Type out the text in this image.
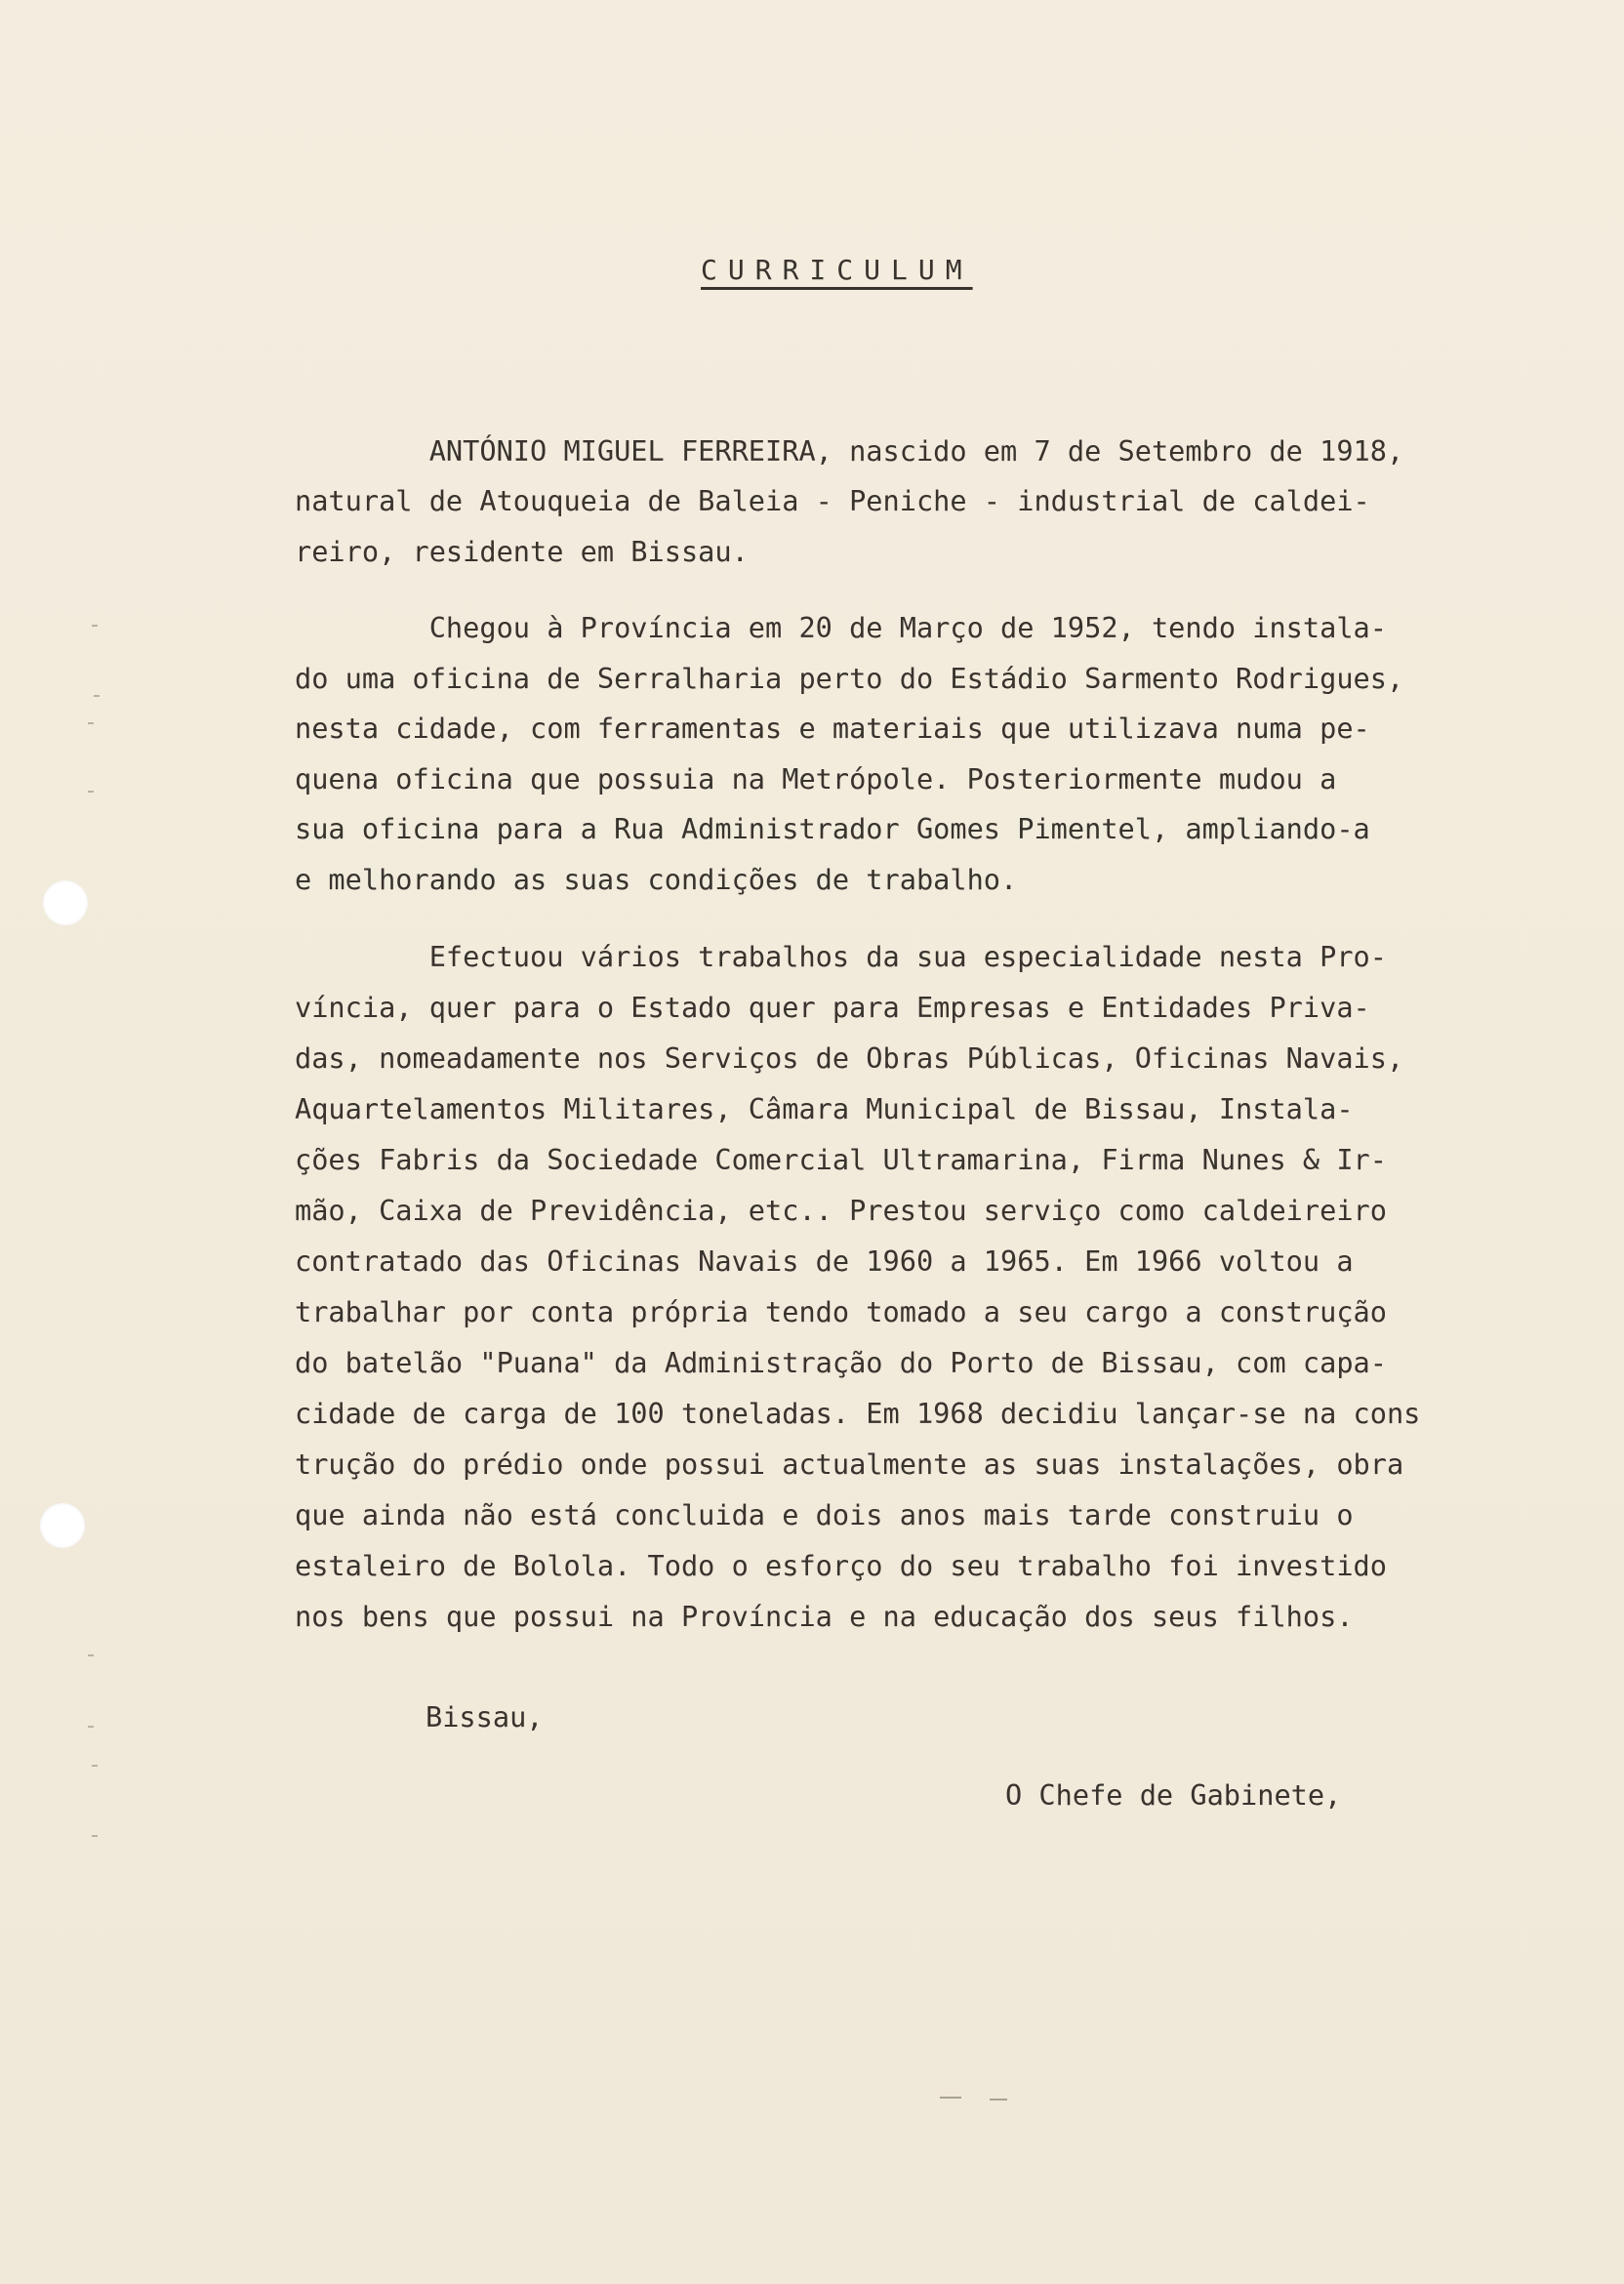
CURRICULUM
ANTÓNIO MIGUEL FERREIRA, nascido em 7 de Setembro de 1918,
natural de Atouqueia de Baleia - Peniche - industrial de caldei-
reiro, residente em Bissau.
Chegou à Província em 20 de Março de 1952, tendo instala-
do uma oficina de Serralharia perto do Estádio Sarmento Rodrigues,
nesta cidade, com ferramentas e materiais que utilizava numa pe-
quena oficina que possuia na Metrópole. Posteriormente mudou a
sua oficina para a Rua Administrador Gomes Pimentel, ampliando-a
e melhorando as suas condições de trabalho.
Efectuou vários trabalhos da sua especialidade nesta Pro-
víncia, quer para o Estado quer para Empresas e Entidades Priva-
das, nomeadamente nos Serviços de Obras Públicas, Oficinas Navais,
Aquartelamentos Militares, Câmara Municipal de Bissau, Instala-
ções Fabris da Sociedade Comercial Ultramarina, Firma Nunes & Ir-
mão, Caixa de Previdência, etc.. Prestou serviço como caldeireiro
contratado das Oficinas Navais de 1960 a 1965. Em 1966 voltou a
trabalhar por conta própria tendo tomado a seu cargo a construção
do batelão "Puana" da Administração do Porto de Bissau, com capa-
cidade de carga de 100 toneladas. Em 1968 decidiu lançar-se na cons
trução do prédio onde possui actualmente as suas instalações, obra
que ainda não está concluida e dois anos mais tarde construiu o
estaleiro de Bolola. Todo o esforço do seu trabalho foi investido
nos bens que possui na Província e na educação dos seus filhos.
Bissau,
O Chefe de Gabinete,
